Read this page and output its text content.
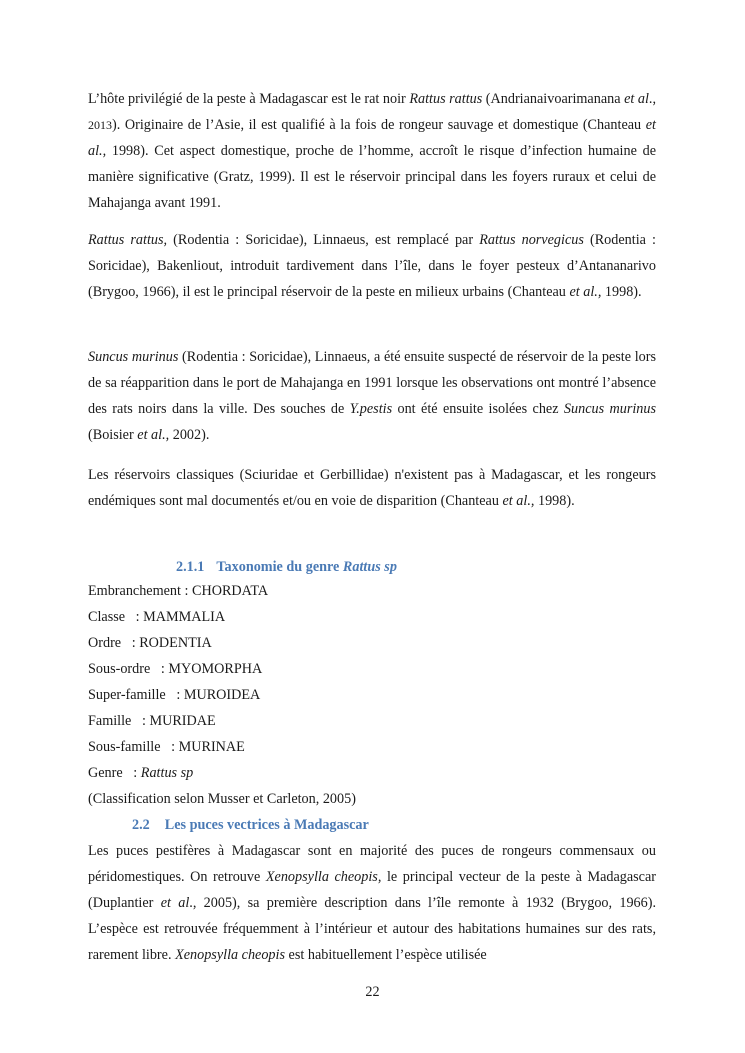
L’hôte privilégié de la peste à Madagascar est le rat noir Rattus rattus (Andrianaivoarimanana et al., 2013). Originaire de l’Asie, il est qualifié à la fois de rongeur sauvage et domestique (Chanteau et al., 1998). Cet aspect domestique, proche de l’homme, accroît le risque d’infection humaine de manière significative (Gratz, 1999). Il est le réservoir principal dans les foyers ruraux et celui de Mahajanga avant 1991.

Rattus rattus, (Rodentia : Soricidae), Linnaeus, est remplacé par Rattus norvegicus (Rodentia : Soricidae), Bakenliout, introduit tardivement dans l’île, dans le foyer pesteux d’Antananarivo (Brygoo, 1966), il est le principal réservoir de la peste en milieux urbains (Chanteau et al., 1998).

Suncus murinus (Rodentia : Soricidae), Linnaeus, a été ensuite suspecté de réservoir de la peste lors de sa réapparition dans le port de Mahajanga en 1991 lorsque les observations ont montré l’absence des rats noirs dans la ville. Des souches de Y.pestis ont été ensuite isolées chez Suncus murinus (Boisier et al., 2002).

Les réservoirs classiques (Sciuridae et Gerbillidae) n'existent pas à Madagascar, et les rongeurs endémiques sont mal documentés et/ou en voie de disparition (Chanteau et al., 1998).

2.1.1 Taxonomie du genre Rattus sp

Embranchement : CHORDATA

Classe   : MAMMALIA

Ordre   : RODENTIA

Sous-ordre   : MYOMORPHA

Super-famille   : MUROIDEA

Famille   : MURIDAE

Sous-famille   : MURINAE

Genre   : Rattus sp

(Classification selon Musser et Carleton, 2005)

2.2 Les puces vectrices à Madagascar

Les puces pestifères à Madagascar sont en majorité des puces de rongeurs commensaux ou péridomestiques. On retrouve Xenopsylla cheopis, le principal vecteur de la peste à Madagascar (Duplantier et al., 2005), sa première description dans l’île remonte à 1932 (Brygoo, 1966). L’espèce est retrouvée fréquemment à l’intérieur et autour des habitations humaines sur des rats, rarement libre. Xenopsylla cheopis est habituellement l’espèce utilisée

22
